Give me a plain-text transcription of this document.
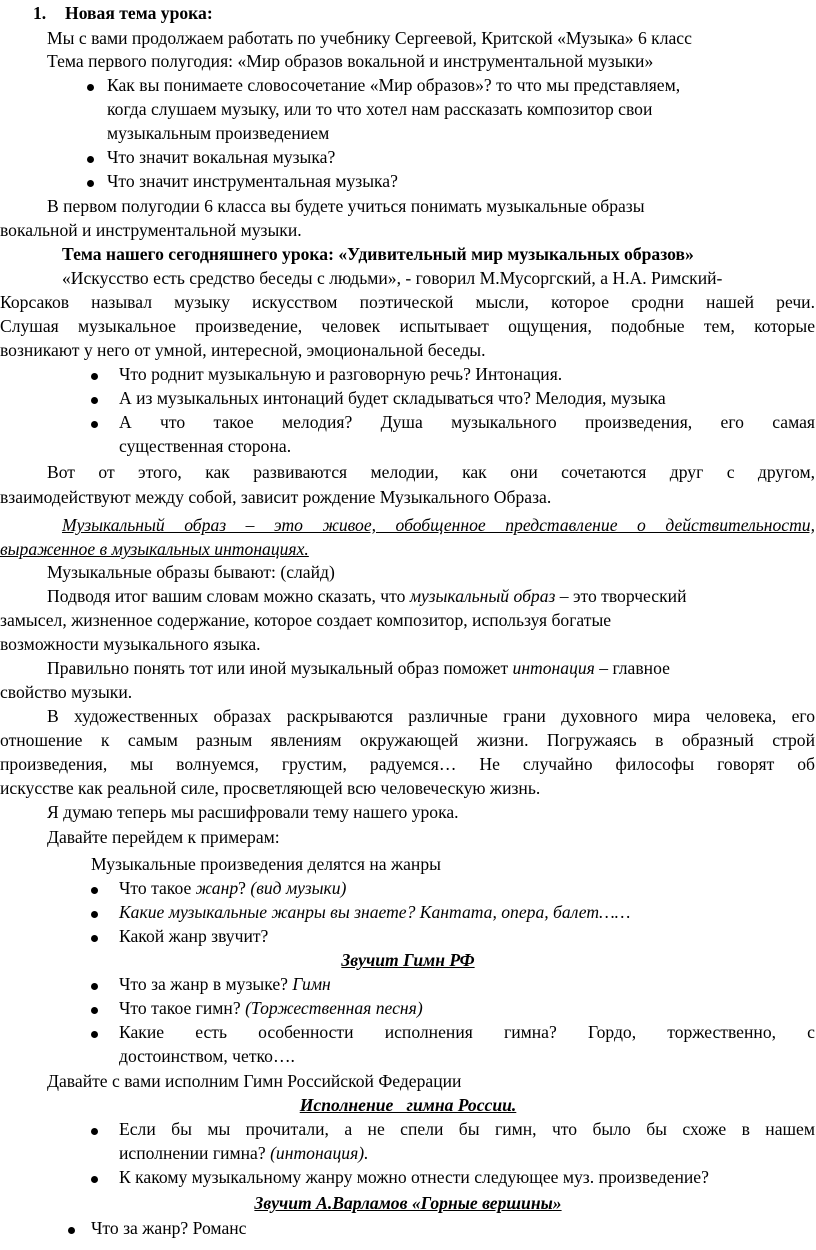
1. Новая тема урока:
Мы с вами продолжаем работать по учебнику Сергеевой, Критской «Музыка» 6 класс
Тема первого полугодия: «Мир образов вокальной и инструментальной музыки»
Как вы понимаете словосочетание «Мир образов»? то что мы представляем,
когда слушаем музыку, или то что хотел нам рассказать композитор свои
музыкальным произведением
Что значит вокальная музыка?
Что значит инструментальная музыка?
В первом полугодии 6 класса вы будете учиться понимать музыкальные образы
вокальной и инструментальной музыки.
Тема нашего сегодняшнего урока: «Удивительный мир музыкальных образов»
«Искусство есть средство беседы с людьми», - говорил М.Мусоргский, а Н.А. Римский-
Корсаков называл музыку искусством поэтической мысли, которое сродни нашей речи.
Слушая музыкальное произведение, человек испытывает ощущения, подобные тем, которые
возникают у него от умной, интересной, эмоциональной беседы.
Что роднит музыкальную и разговорную речь? Интонация.
А из музыкальных интонаций будет складываться что? Мелодия, музыка
А что такое мелодия? Душа музыкального произведения, его самая
существенная сторона.
Вот от этого, как развиваются мелодии, как они сочетаются друг с другом,
взаимодействуют между собой, зависит рождение Музыкального Образа.
Музыкальный образ – это живое, обобщенное представление о действительности,
выраженное в музыкальных интонациях.
Музыкальные образы бывают: (слайд)
Подводя итог вашим словам можно сказать, что музыкальный образ – это творческий
замысел, жизненное содержание, которое создает композитор, используя богатые
возможности музыкального языка.
Правильно понять тот или иной музыкальный образ поможет интонация – главное
свойство музыки.
В художественных образах раскрываются различные грани духовного мира человека, его
отношение к самым разным явлениям окружающей жизни. Погружаясь в образный строй
произведения, мы волнуемся, грустим, радуемся… Не случайно философы говорят об
искусстве как реальной силе, просветляющей всю человеческую жизнь.
Я думаю теперь мы расшифровали тему нашего урока.
Давайте перейдем к примерам:
Музыкальные произведения делятся на жанры
Что такое жанр? (вид музыки)
Какие музыкальные жанры вы знаете? Кантата, опера, балет……
Какой жанр звучит?
Звучит Гимн РФ
Что за жанр в музыке? Гимн
Что такое гимн? (Торжественная песня)
Какие есть особенности исполнения гимна? Гордо, торжественно, с
достоинством, четко….
Давайте с вами исполним Гимн Российской Федерации
Исполнение   гимна России.
Если бы мы прочитали, а не спели бы гимн, что было бы схоже в нашем
исполнении гимна? (интонация).
К какому музыкальному жанру можно отнести следующее муз. произведение?
Звучит А.Варламов «Горные вершины»
Что за жанр? Романс
